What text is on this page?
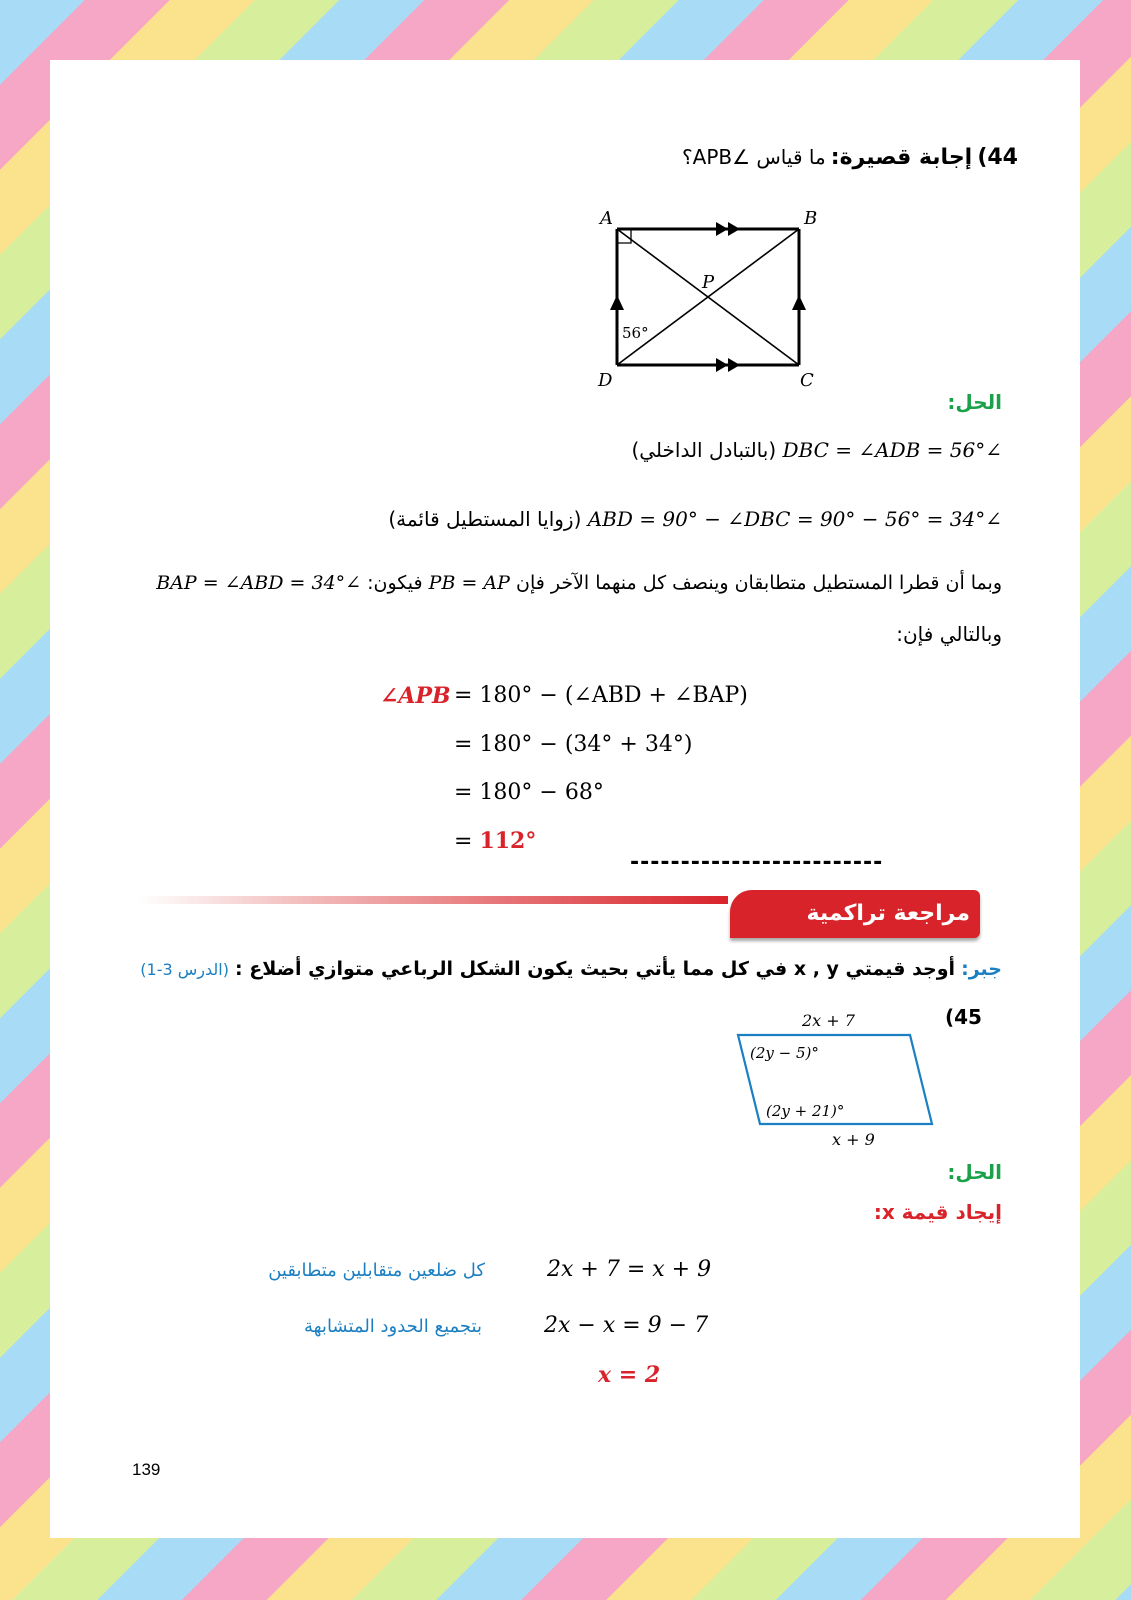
44) إجابة قصيرة: ما قياس ∠APB؟
A	B
C
D
P
56°
الحل:
∠DBC = ∠ADB = 56° (بالتبادل الداخلي)
∠ABD = 90° − ∠DBC = 90° − 56° = 34° (زوايا المستطيل قائمة)
وبما أن قطرا المستطيل متطابقان وينصف كل منهما الآخر فإن PB = AP فيكون: ∠BAP = ∠ABD = 34°
وبالتالي فإن:
∠APB = 180° − (∠ABD + ∠BAP)
= 180° − (34° + 34°)
= 180° − 68°
= 112°
-------------------------
مراجعة تراكمية
جبر: أوجد قيمتي x , y في كل مما يأتي بحيث يكون الشكل الرباعي متوازي أضلاع : (الدرس 3-1)
45)
2x + 7
x + 9
(2y − 5)°
(2y + 21)°
الحل:
إيجاد قيمة x:
2x + 7 = x + 9
كل ضلعين متقابلين متطابقين
2x − x = 9 − 7
بتجميع الحدود المتشابهة
x = 2
139
